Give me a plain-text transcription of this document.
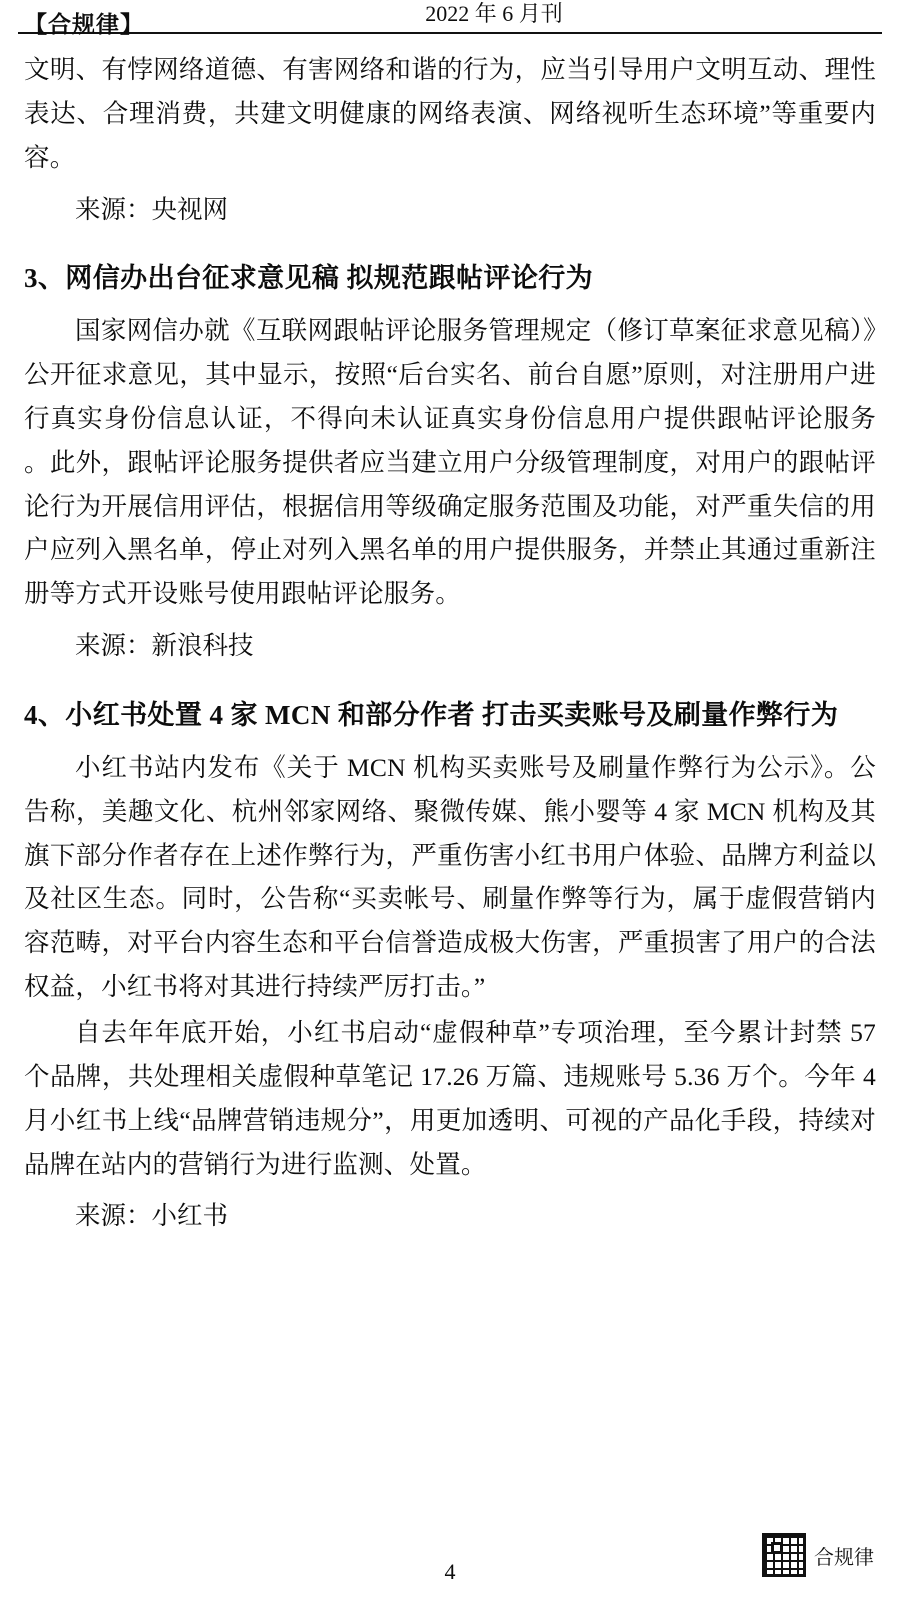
【合规律】	2022 年 6 月刊

文明、有悖网络道德、有害网络和谐的行为，应当引导用户文明互动、理性表达、合理消费，共建文明健康的网络表演、网络视听生态环境”等重要内容。

来源：央视网

3、网信办出台征求意见稿 拟规范跟帖评论行为

国家网信办就《互联网跟帖评论服务管理规定（修订草案征求意见稿）》公开征求意见，其中显示，按照“后台实名、前台自愿”原则，对注册用户进行真实身份信息认证，不得向未认证真实身份信息用户提供跟帖评论服务 。此外，跟帖评论服务提供者应当建立用户分级管理制度，对用户的跟帖评论行为开展信用评估，根据信用等级确定服务范围及功能，对严重失信的用户应列入黑名单，停止对列入黑名单的用户提供服务，并禁止其通过重新注册等方式开设账号使用跟帖评论服务。

来源：新浪科技

4、小红书处置 4 家 MCN 和部分作者 打击买卖账号及刷量作弊行为

小红书站内发布《关于 MCN 机构买卖账号及刷量作弊行为公示》。公告称，美趣文化、杭州邻家网络、聚微传媒、熊小婴等 4 家 MCN 机构及其旗下部分作者存在上述作弊行为，严重伤害小红书用户体验、品牌方利益以及社区生态。同时，公告称“买卖帐号、刷量作弊等行为，属于虚假营销内容范畴，对平台内容生态和平台信誉造成极大伤害，严重损害了用户的合法权益，小红书将对其进行持续严厉打击。”

自去年年底开始，小红书启动“虚假种草”专项治理，至今累计封禁 57 个品牌，共处理相关虚假种草笔记 17.26 万篇、违规账号 5.36 万个。今年 4 月小红书上线“品牌营销违规分”，用更加透明、可视的产品化手段，持续对品牌在站内的营销行为进行监测、处置。

来源：小红书

4
合规律
